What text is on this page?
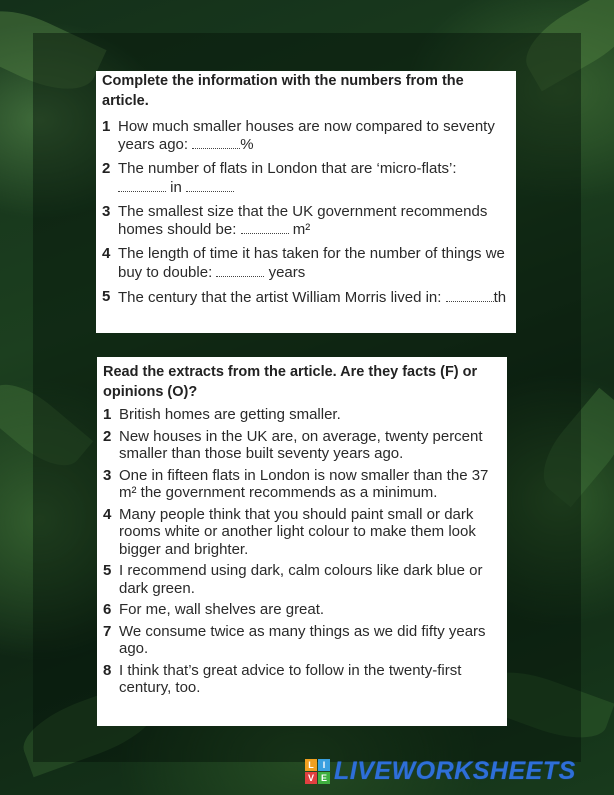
Complete the information with the numbers from the article.

1 How much smaller houses are now compared to seventy years ago:	%
2 The number of flats in London that are ‘micro-flats’:
in
3 The smallest size that the UK government recommends homes should be:	m²
4 The length of time it has taken for the number of things we buy to double:	years
5 The century that the artist William Morris lived in:	th

Read the extracts from the article. Are they facts (F) or opinions (O)?

1 British homes are getting smaller.
2 New houses in the UK are, on average, twenty percent smaller than those built seventy years ago.
3 One in fifteen flats in London is now smaller than the 37 m² the government recommends as a minimum.
4 Many people think that you should paint small or dark rooms white or another light colour to make them look bigger and brighter.
5 I recommend using dark, calm colours like dark blue or dark green.
6 For me, wall shelves are great.
7 We consume twice as many things as we did fifty years ago.
8 I think that’s great advice to follow in the twenty-first century, too.
L I
V E LIVEWORKSHEETS
